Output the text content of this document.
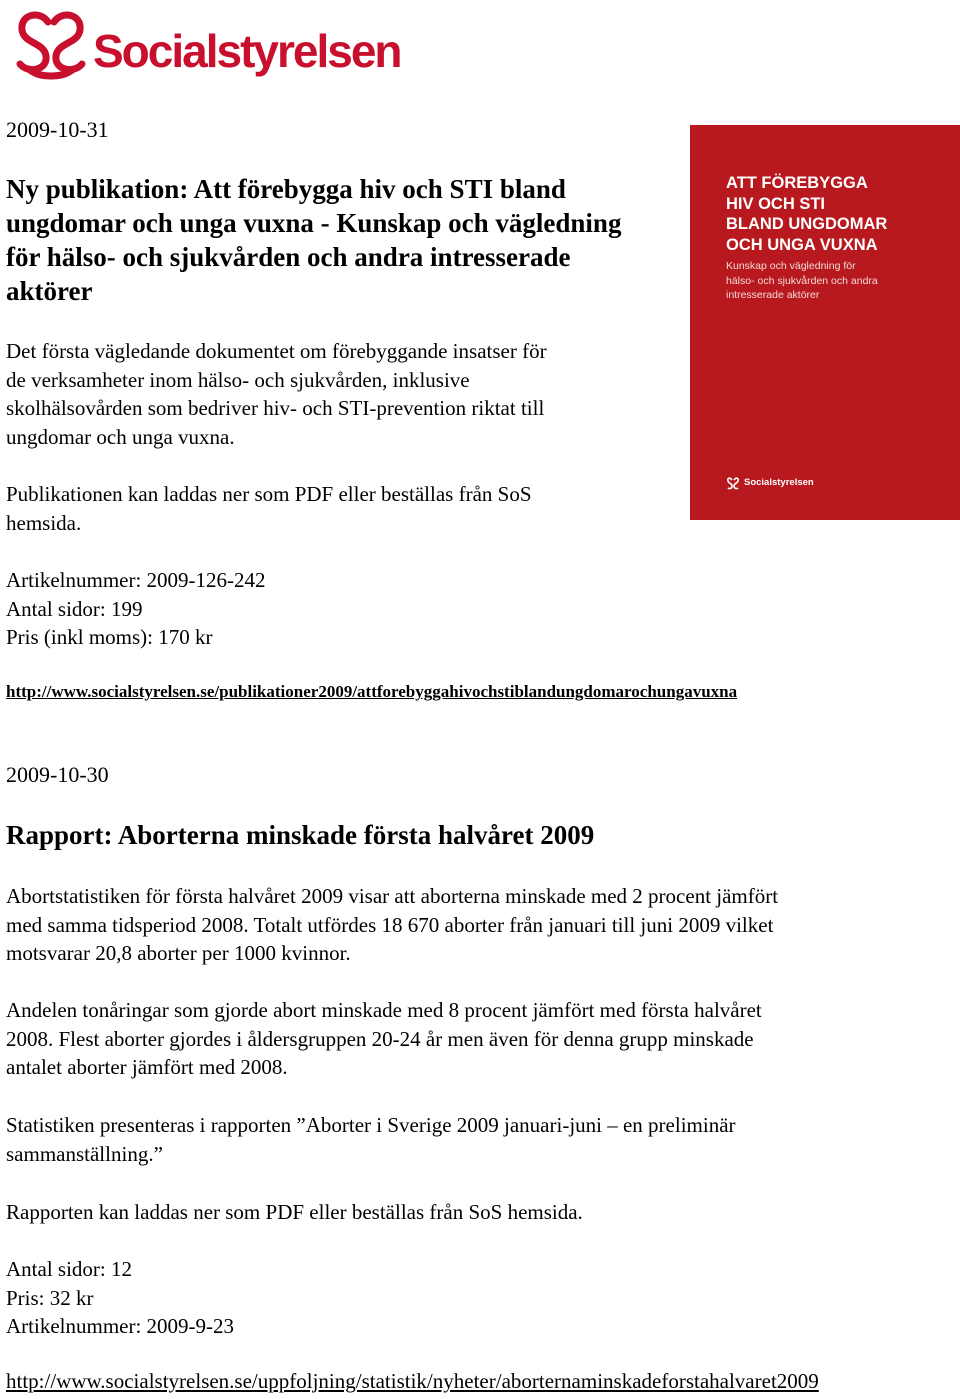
Socialstyrelsen
2009-10-31
Ny publikation: Att förebygga hiv och STI bland
ungdomar och unga vuxna - Kunskap och vägledning
för hälso- och sjukvården och andra intresserade
aktörer
Det första vägledande dokumentet om förebyggande insatser för
de verksamheter inom hälso- och sjukvården, inklusive
skolhälsovården som bedriver hiv- och STI-prevention riktat till
ungdomar och unga vuxna.
Publikationen kan laddas ner som PDF eller beställas från SoS
hemsida.
Artikelnummer: 2009-126-242
Antal sidor: 199
Pris (inkl moms): 170 kr
http://www.socialstyrelsen.se/publikationer2009/attforebyggahivochstiblandungdomarochungavuxna
ATT FÖREBYGGA
HIV OCH STI
BLAND UNGDOMAR
OCH UNGA VUXNA
Kunskap och vägledning för
hälso- och sjukvården och andra
intresserade aktörer
Socialstyrelsen
2009-10-30
Rapport: Aborterna minskade första halvåret 2009
Abortstatistiken för första halvåret 2009 visar att aborterna minskade med 2 procent jämfört
med samma tidsperiod 2008. Totalt utfördes 18 670 aborter från januari till juni 2009 vilket
motsvarar 20,8 aborter per 1000 kvinnor.
Andelen tonåringar som gjorde abort minskade med 8 procent jämfört med första halvåret
2008. Flest aborter gjordes i åldersgruppen 20-24 år men även för denna grupp minskade
antalet aborter jämfört med 2008.
Statistiken presenteras i rapporten ”Aborter i Sverige 2009 januari-juni – en preliminär
sammanställning.”
Rapporten kan laddas ner som PDF eller beställas från SoS hemsida.
Antal sidor: 12
Pris: 32 kr
Artikelnummer: 2009-9-23
http://www.socialstyrelsen.se/uppfoljning/statistik/nyheter/aborternaminskadeforstahalvaret2009
